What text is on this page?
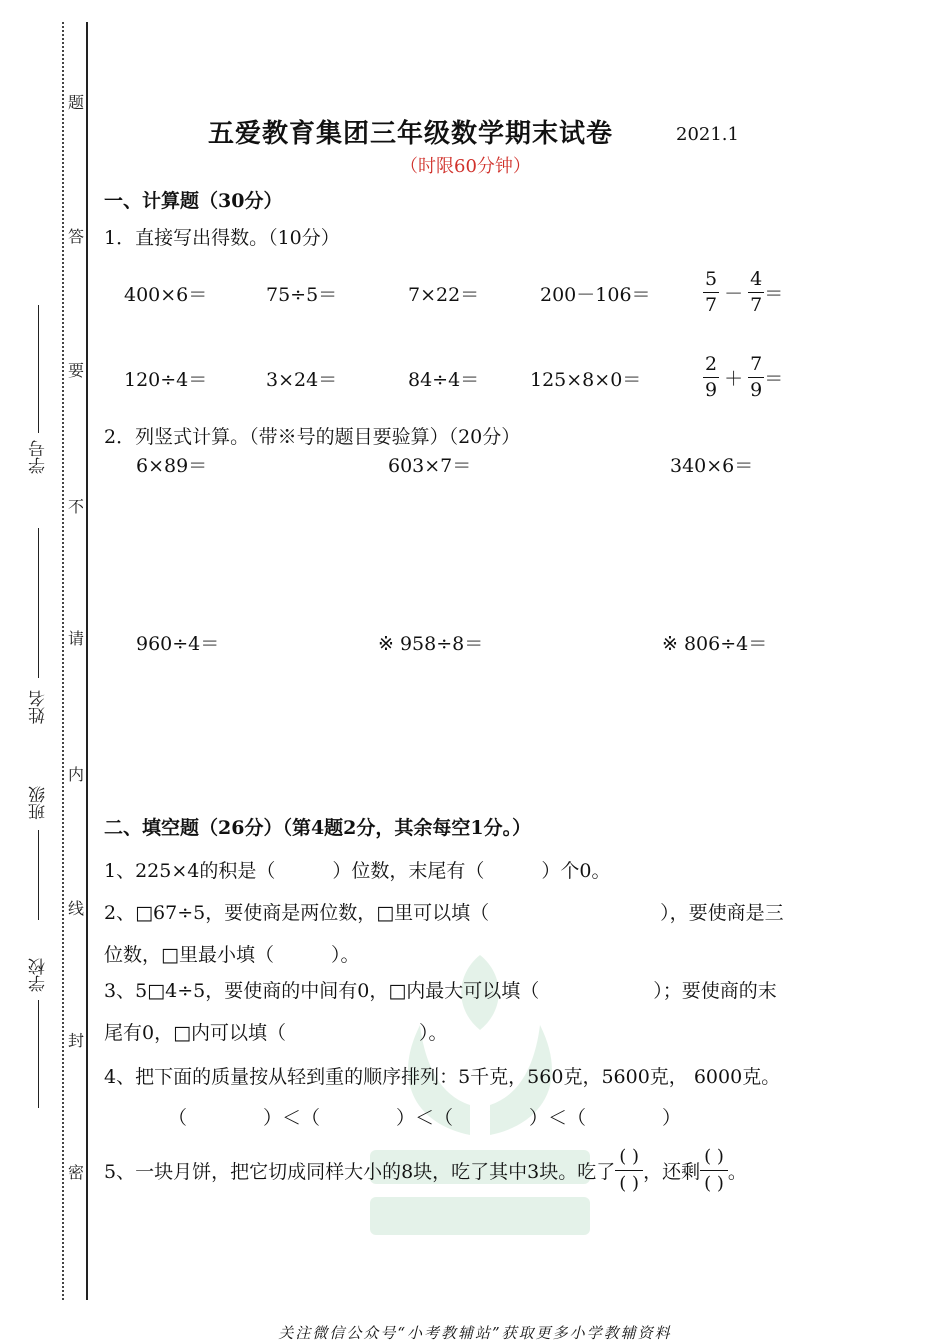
题
答
要
不
请
内
线
封
密
学号
姓名
班级
学校
五爱教育集团三年级数学期末试卷	2021.1
（时限60分钟）
一、计算题（30分）
1．直接写出得数。（10分）
400×6＝	75÷5＝	7×22＝	200－106＝	$\frac{5}{7} - \frac{4}{7}$ ＝
120÷4＝	3×24＝	84÷4＝	125×8×0＝	$\frac{2}{9} + \frac{7}{9}$ ＝
2．列竖式计算。（带※号的题目要验算）（20分）
6×89＝	603×7＝	340×6＝
960÷4＝	※ 958÷8＝	※ 806÷4＝
二、填空题（26分）（第4题2分，其余每空1分。）
1、225×4的积是（　　　）位数，末尾有（　　　）个0。
2、□67÷5，要使商是两位数，□里可以填（　　　　　　　　　），要使商是三
位数，□里最小填（　　　）。
3、5□4÷5，要使商的中间有0，□内最大可以填（　　　　　　）；要使商的末
尾有0，□内可以填（　　　　　　　）。
4、把下面的质量按从轻到重的顺序排列：5千克，560克，5600克， 6000克。
（　　　　）＜（　　　　）＜（　　　　）＜（　　　　）
5、一块月饼，把它切成同样大小的8块，吃了其中3块。吃了
( )
( )
，还剩
( )
( )
。
关注微信公众号“小考教辅站”获取更多小学教辅资料
